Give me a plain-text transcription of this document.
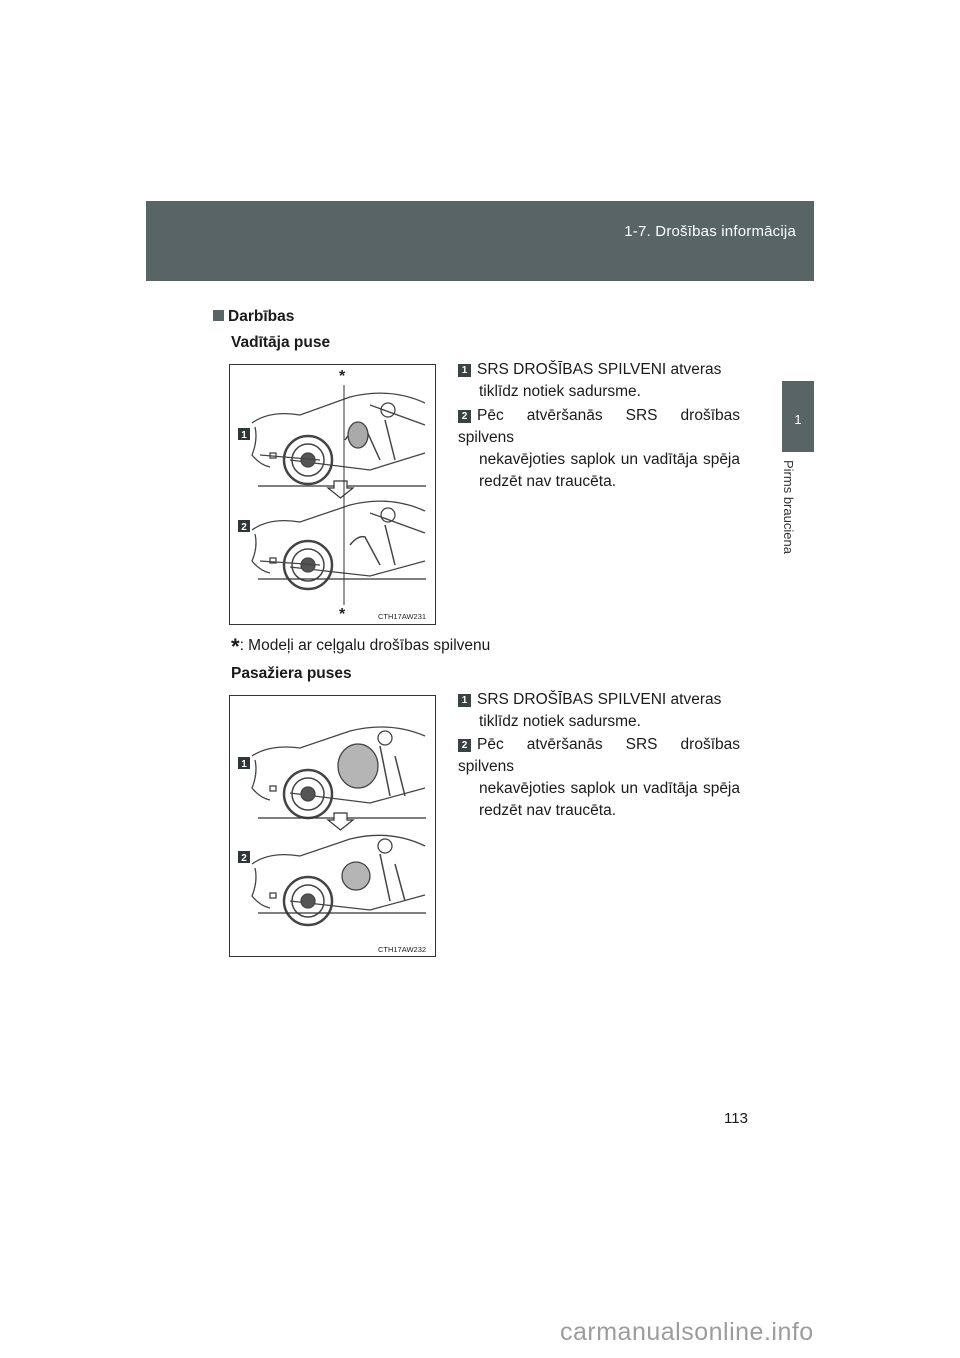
1-7. Drošības informācija
1
Pirms brauciena
Darbības
Vadītāja puse
*
*
1
2
CTH17AW231
1 SRS DROŠĪBAS SPILVENI atveras
tiklīdz notiek sadursme.
2 Pēc atvēršanās SRS drošības spilvens
nekavējoties saplok un vadītāja spēja redzēt nav traucēta.
*: Modeļi ar ceļgalu drošības spilvenu
Pasažiera puses
1
2
CTH17AW232
1 SRS DROŠĪBAS SPILVENI atveras
tiklīdz notiek sadursme.
2 Pēc atvēršanās SRS drošības spilvens
nekavējoties saplok un vadītāja spēja redzēt nav traucēta.
113
carmanualsonline.info
